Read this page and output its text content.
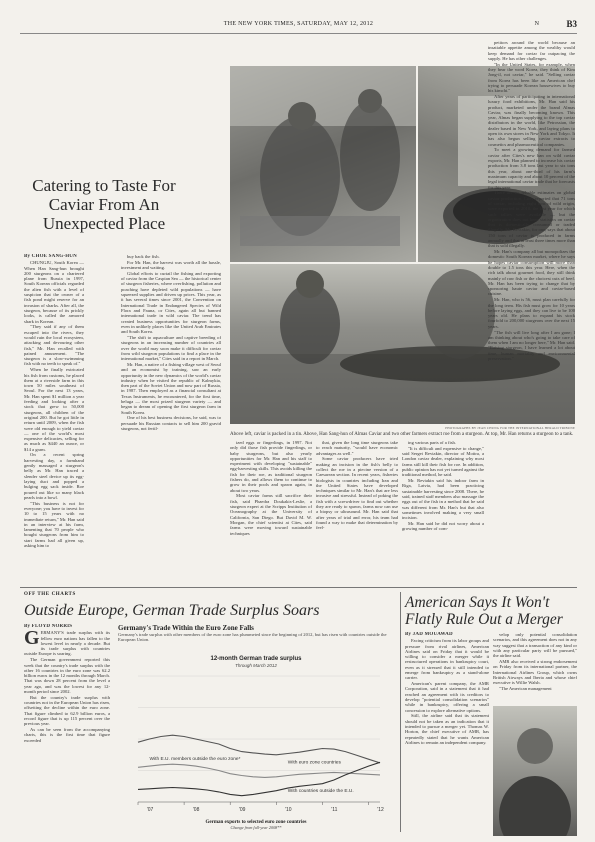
THE NEW YORK TIMES, SATURDAY, MAY 12, 2012	N	B3
Catering to Taste For Caviar From An Unexpected Place
PHOTOGRAPHS BY JEAN CHUNG FOR THE INTERNATIONAL HERALD TRIBUNE
Above left, caviar is packed in a tin. Above, Han Sang-hun of Almas Caviar and two other farmers extract roe from a sturgeon. At top, Mr. Han returns a sturgeon to a tank.
By CHOE SANG-HUN

CHUNGJU, South Korea — When Han Sang-hun brought 200 sturgeons on a chartered plane from Russia in 1997, South Korean officials regarded the alien fish with a level of suspicion that the owner of a fish pond might reserve for an invasion of sharks. After all, the sturgeon, because of its prickly looks, is called the armored shark in Korean.

"They said if any of them escaped into the rivers, they would ruin the local ecosystem, attacking and devouring other fish," Mr. Han recalled with pained amusement. "The sturgeon is a slow-swimming fish with no teeth to speak of."

When he finally extricated his fish from customs, he placed them at a riverside farm in this town 50 miles southeast of Seoul. For the next 13 years, Mr. Han spent $1 million a year feeding and looking after a stock that grew to 50,000 sturgeons, all children of the original 200. But he got little in return until 2009, when the fish were old enough to yield caviar — one of the world's most expensive delicacies, selling for as much as $440 an ounce, or $14 a gram.

On a recent spring harvesting day, a farmhand gently massaged a sturgeon's belly as Mr. Han traced a slender steel device up its egg-laying duct and popped a bulging egg sack inside. Roe poured out like so many black pearls into a bowl.

"This business is not for everyone; you have to invest for 10 to 15 years with no immediate return," Mr. Han said in an interview at his farm, lamenting that 70 people who bought sturgeons from him to start farms had all given up, asking him to

buy back the fish.

For Mr. Han, the harvest was worth all the hassle, investment and waiting.

Global efforts to curtail the fishing and exporting of caviar from the Caspian Sea — the historical center of sturgeon fisheries, where overfishing, pollution and poaching have depleted wild populations — have squeezed supplies and driven up prices. This year, as it has several times since 2001, the Convention on International Trade in Endangered Species of Wild Flora and Fauna, or Cites, again all but banned international trade in wild caviar. The trend has created business opportunities for sturgeon farms, even in unlikely places like the United Arab Emirates and South Korea.

"The shift to aquaculture and captive breeding of sturgeons in an increasing number of countries all over the world may soon make it difficult for caviar from wild sturgeon populations to find a place in the international market," Cites said in a report in March.

Mr. Han, a native of a fishing village west of Seoul and an economist by training, saw an early opportunity in the new dynamics of the world's caviar industry when he visited the republic of Kalmykia, then part of the Soviet Union and now part of Russia, in 1987. Then employed as a financial consultant at Texas Instruments, he encountered, for the first time, beluga — the most prized sturgeon variety — and began to dream of opening the first sturgeon farm in South Korea.

One of his best business decisions, he said, was to persuade his Russian contacts to sell him 200 gravid sturgeons, not fertil-

ized eggs or fingerlings, in 1997. Not only did those fish provide fingerlings, or baby sturgeons, but also yearly opportunities for Mr. Han and his staff to experiment with developing "sustainable" egg-harvesting skills. This avoids killing the fish for their roe, as traditional sturgeon fishers do, and allows them to continue to grow in their pools and spawn again, in about two years.

Most caviar farms still sacrifice their fish, said Phaedra Doukakis-Leslie, a sturgeon expert at the Scripps Institution of Oceanography at the University of California, San Diego. But David M. W. Morgan, the chief scientist at Cites, said farms were moving toward sustainable techniques

that, given the long time sturgeons take to reach maturity, "would have economic advantages as well."

Some caviar producers have tried making an incision in the fish's belly to collect the roe in a piecine version of a Caesarean section. In recent years, fisheries biologists in countries including Iran and the United States have developed techniques similar to Mr. Han's that are less invasive and stressful. Instead of poking the fish with a screwdriver to find out whether they are ready to spawn, farms now can use a biopsy or ultrasound. Mr. Han said that after years of trial and error, his team had found a way to make that determination by feel-

ing various parts of a fish.

"It is difficult and expensive to change," said Sergei Reviakin, director of Mottra, a London caviar dealer, explaining why most farms still kill their fish for roe. In addition, public opinion has not yet turned against the traditional method, he said.

Mr. Reviakin said his indoor farm in Riga, Latvia, had been practicing sustainable harvesting since 2008. There, he said, trained staff members also massage the eggs out of the fish in a method that he said was different from Mr. Han's but that also sometimes involved making a very small incision.

Mr. Han said he did not worry about a growing number of com-

petitors around the world because an insatiable appetite among the wealthy would keep demand for caviar far outpacing the supply. He has other challenges.

"In the United States, for example, when they hear the word Korea, they think of Kim Jong-il, not caviar," he said. "Selling caviar from Korea has been like an American chef trying to persuade Korean housewives to buy his kimchi."

After years of participating in international luxury food exhibitions, Mr. Han said his product, marketed under the brand Almas Caviar, was finally becoming known. This year, Almas began supplying to the top caviar distributors in the world, like Petrossian, the dealer based in New York, and laying plans to open its own stores in New York and Tokyo. It has also begun selling caviar extracts to cosmetics and pharmaceutical companies.

To meet a growing demand for farmed caviar after Cites's new ban on wild caviar exports, Mr. Han planned to increase his caviar production from 3.8 tons last year to six tons this year, about one-third of his farm's maximum capacity and about 10 percent of the legal international caviar trade that he forecasts for this year.

There are no reliable estimates on global caviar production. Cites reported that 71 tons of caviar, including eight tons of wild origin, were exported in 2010, the last year for which such tallies were available — but the organization does not keep statistics on caviar that is domestically consumed or traded illegally. Mr. Reviakin, for one, says that about 150 tons of caviar is produced in farms annually and that at least three times more than that is sold illegally.

Mr. Han's company all but monopolizes the domestic South Korean market, where he says he hopes caviar consumption will more than double to 1.5 tons this year. Here, when the rich talk about gourmet food, they still think mainly of raw fish or the choicest cuts of beef. Mr. Han has been trying to change that by sponsoring haute caviar and caviar-based cuisine.

Mr. Han, who is 56, must plan carefully for the long term. His fish must grow for 10 years before laying eggs, and they can live to be 100 years old. He plans to expand his stock fourfold to 200,000 sturgeons over the next 15 years.

"The fish will live long after I am gone; I am thinking about who's going to take care of them when I am no longer here," Mr. Han said. "Raising sturgeon, I have learned a lot about time, human mortality and environmental preservation."

OFF THE CHARTS
Outside Europe, German Trade Surplus Soars
By FLOYD NORRIS

GERMANY'S trade surplus with its fellow euro nations has fallen to the lowest level in nearly a decade. But its trade surplus with countries outside Europe is soaring.

The German government reported this week that the country's trade surplus with the other 16 countries in the euro zone was 62.2 billion euros in the 12 months through March. That was down 28 percent from the level a year ago, and was the lowest for any 12-month period since 2002.

But the country's trade surplus with countries not in the European Union has risen, offsetting the decline within the euro zone. That figure climbed to 62.9 billion euros, a record figure that is up 115 percent over the previous year.

As can be seen from the accompanying charts, this is the first time that figure exceeded

Germany's Trade Within the Euro Zone Falls
Germany's trade surplus with other members of the euro zone has plummeted since the beginning of 2012, but has risen with countries outside the European Union.
12-month German trade surplus
Through March 2012
With euro zone countries
With E.U. members outside the euro zone*
With countries outside the E.U.
'07	'08	'09	'10	'11	'12
German exports to selected euro zone countries
Change from full-year 2008**
American Says It Won't Flatly Rule Out a Merger
By JAD MOUAWAD

Facing criticism from its labor groups and pressure from rival airlines, American Airlines said on Friday that it would be willing to consider a merger while it restructured operations in bankruptcy court, even as it stressed that it still intended to emerge from bankruptcy as a stand-alone carrier.

American's parent company, the AMR Corporation, said in a statement that it had reached an agreement with its creditors to develop "potential consolidation scenarios" while in bankruptcy, offering a small concession to explore alternative options.

Still, the airline said that its statement should not be taken as an indication that it intended to pursue a merger yet. Thomas W. Horton, the chief executive of AMR, has repeatedly stated that he wants American Airlines to remain an independent company.

velop only potential consolidation scenarios, and this agreement does not in any way suggest that a transaction of any kind or with any particular party will be pursued," the airline said.

AMR also received a strong endorsement on Friday from its international partner, the International Airlines Group, which owns British Airways and Iberia and whose chief executive is Willie Walsh.

"The American management
